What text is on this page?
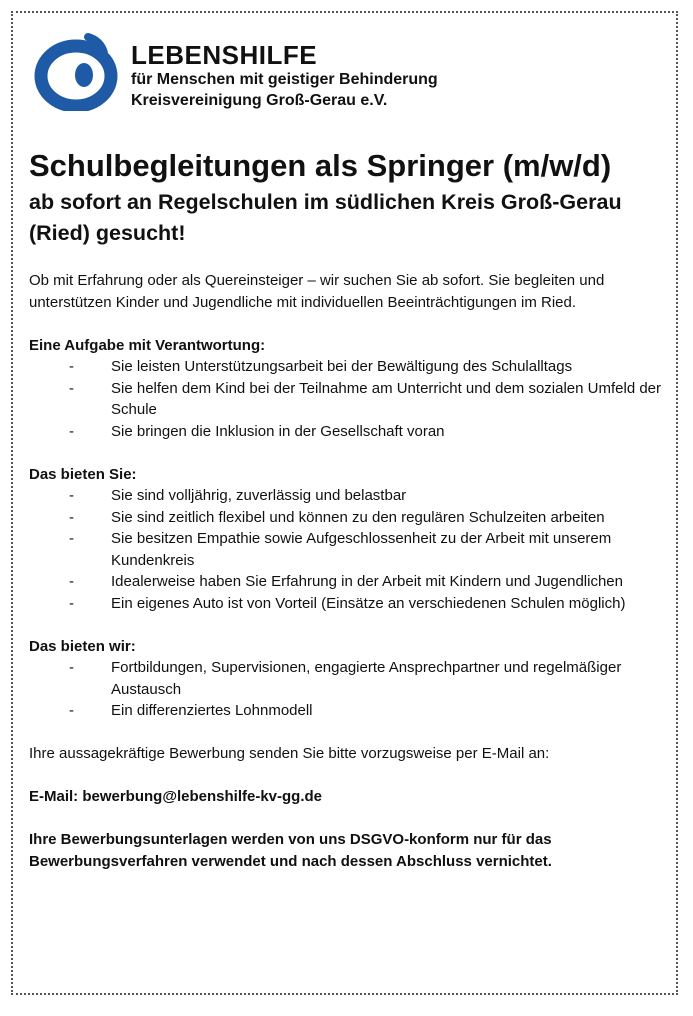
LEBENSHILFE
für Menschen mit geistiger Behinderung
Kreisvereinigung Groß-Gerau e.V.
Schulbegleitungen als Springer (m/w/d)
ab sofort an Regelschulen im südlichen Kreis Groß-Gerau (Ried) gesucht!

Ob mit Erfahrung oder als Quereinsteiger – wir suchen Sie ab sofort. Sie begleiten und unterstützen Kinder und Jugendliche mit individuellen Beeinträchtigungen im Ried.

Eine Aufgabe mit Verantwortung:

- Sie leisten Unterstützungsarbeit bei der Bewältigung des Schulalltags
- Sie helfen dem Kind bei der Teilnahme am Unterricht und dem sozialen Umfeld der Schule
- Sie bringen die Inklusion in der Gesellschaft voran

Das bieten Sie:

- Sie sind volljährig, zuverlässig und belastbar
- Sie sind zeitlich flexibel und können zu den regulären Schulzeiten arbeiten
- Sie besitzen Empathie sowie Aufgeschlossenheit zu der Arbeit mit unserem Kundenkreis
- Idealerweise haben Sie Erfahrung in der Arbeit mit Kindern und Jugendlichen
- Ein eigenes Auto ist von Vorteil (Einsätze an verschiedenen Schulen möglich)

Das bieten wir:

- Fortbildungen, Supervisionen, engagierte Ansprechpartner und regelmäßiger Austausch
- Ein differenziertes Lohnmodell

Ihre aussagekräftige Bewerbung senden Sie bitte vorzugsweise per E-Mail an:

E-Mail: bewerbung@lebenshilfe-kv-gg.de

Ihre Bewerbungsunterlagen werden von uns DSGVO-konform nur für das Bewerbungsverfahren verwendet und nach dessen Abschluss vernichtet.
